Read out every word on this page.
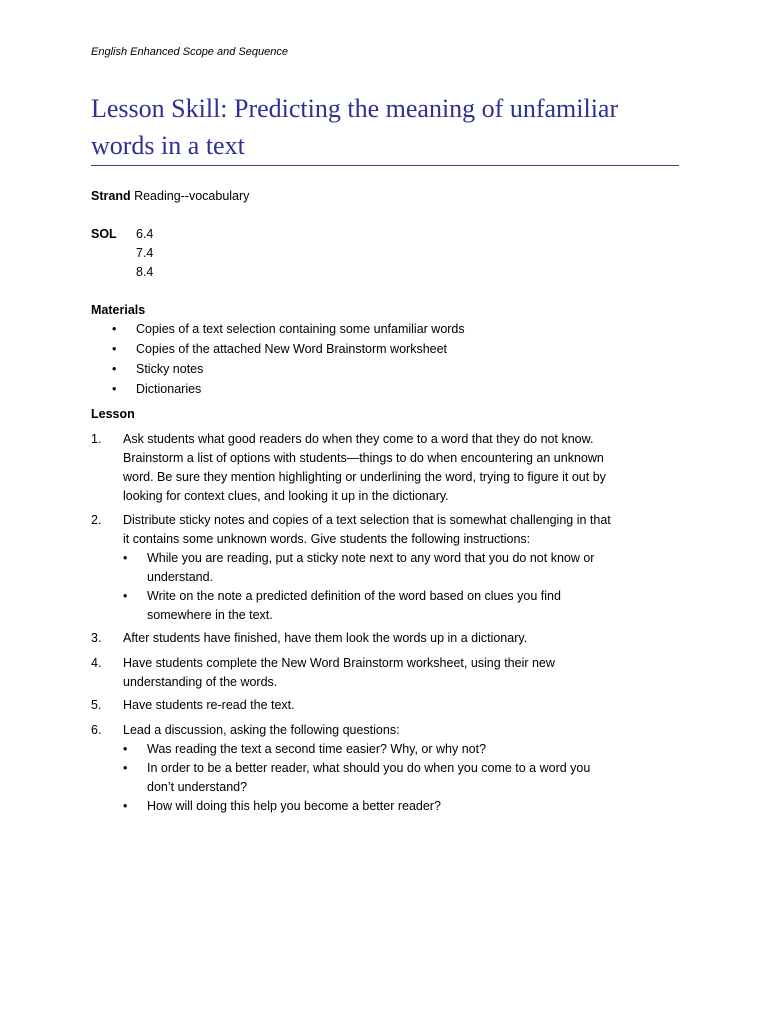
English Enhanced Scope and Sequence
Lesson Skill: Predicting the meaning of unfamiliar
words in a text
Strand Reading--vocabulary
SOL 6.4
7.4
8.4
Materials
• Copies of a text selection containing some unfamiliar words
• Copies of the attached New Word Brainstorm worksheet
• Sticky notes
• Dictionaries
Lesson
1. Ask students what good readers do when they come to a word that they do not know.
Brainstorm a list of options with students—things to do when encountering an unknown
word. Be sure they mention highlighting or underlining the word, trying to figure it out by
looking for context clues, and looking it up in the dictionary.
2. Distribute sticky notes and copies of a text selection that is somewhat challenging in that
it contains some unknown words. Give students the following instructions:
• While you are reading, put a sticky note next to any word that you do not know or
understand.
• Write on the note a predicted definition of the word based on clues you find
somewhere in the text.
3. After students have finished, have them look the words up in a dictionary.
4. Have students complete the New Word Brainstorm worksheet, using their new
understanding of the words.
5. Have students re-read the text.
6. Lead a discussion, asking the following questions:
• Was reading the text a second time easier? Why, or why not?
• In order to be a better reader, what should you do when you come to a word you
don’t understand?
• How will doing this help you become a better reader?
